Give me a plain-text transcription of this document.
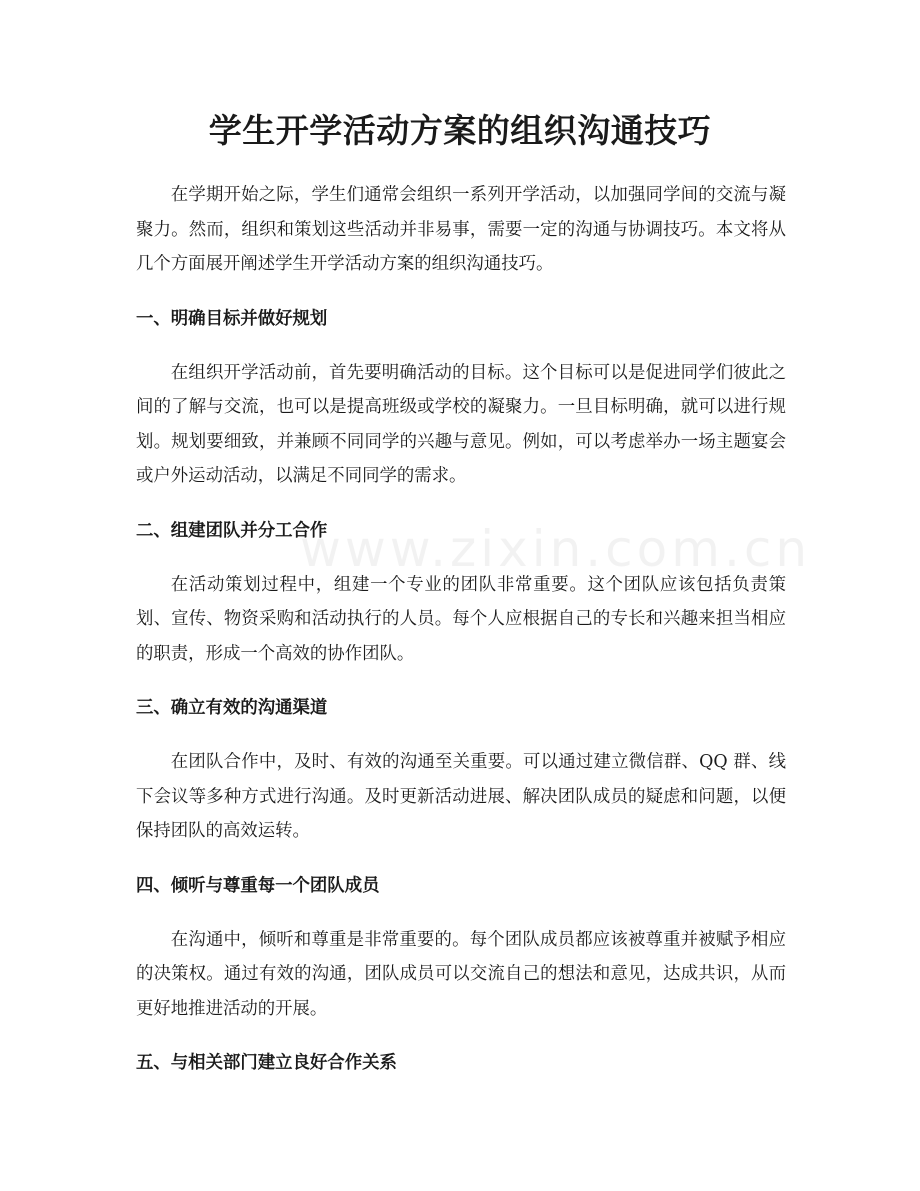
www.zixin.com.cn
学生开学活动方案的组织沟通技巧

在学期开始之际，学生们通常会组织一系列开学活动，以加强同学间的交流与凝聚力。然而，组织和策划这些活动并非易事，需要一定的沟通与协调技巧。本文将从几个方面展开阐述学生开学活动方案的组织沟通技巧。

一、明确目标并做好规划

在组织开学活动前，首先要明确活动的目标。这个目标可以是促进同学们彼此之间的了解与交流，也可以是提高班级或学校的凝聚力。一旦目标明确，就可以进行规划。规划要细致，并兼顾不同同学的兴趣与意见。例如，可以考虑举办一场主题宴会或户外运动活动，以满足不同同学的需求。

二、组建团队并分工合作

在活动策划过程中，组建一个专业的团队非常重要。这个团队应该包括负责策划、宣传、物资采购和活动执行的人员。每个人应根据自己的专长和兴趣来担当相应的职责，形成一个高效的协作团队。

三、确立有效的沟通渠道

在团队合作中，及时、有效的沟通至关重要。可以通过建立微信群、QQ 群、线下会议等多种方式进行沟通。及时更新活动进展、解决团队成员的疑虑和问题，以便保持团队的高效运转。

四、倾听与尊重每一个团队成员

在沟通中，倾听和尊重是非常重要的。每个团队成员都应该被尊重并被赋予相应的决策权。通过有效的沟通，团队成员可以交流自己的想法和意见，达成共识，从而更好地推进活动的开展。

五、与相关部门建立良好合作关系
